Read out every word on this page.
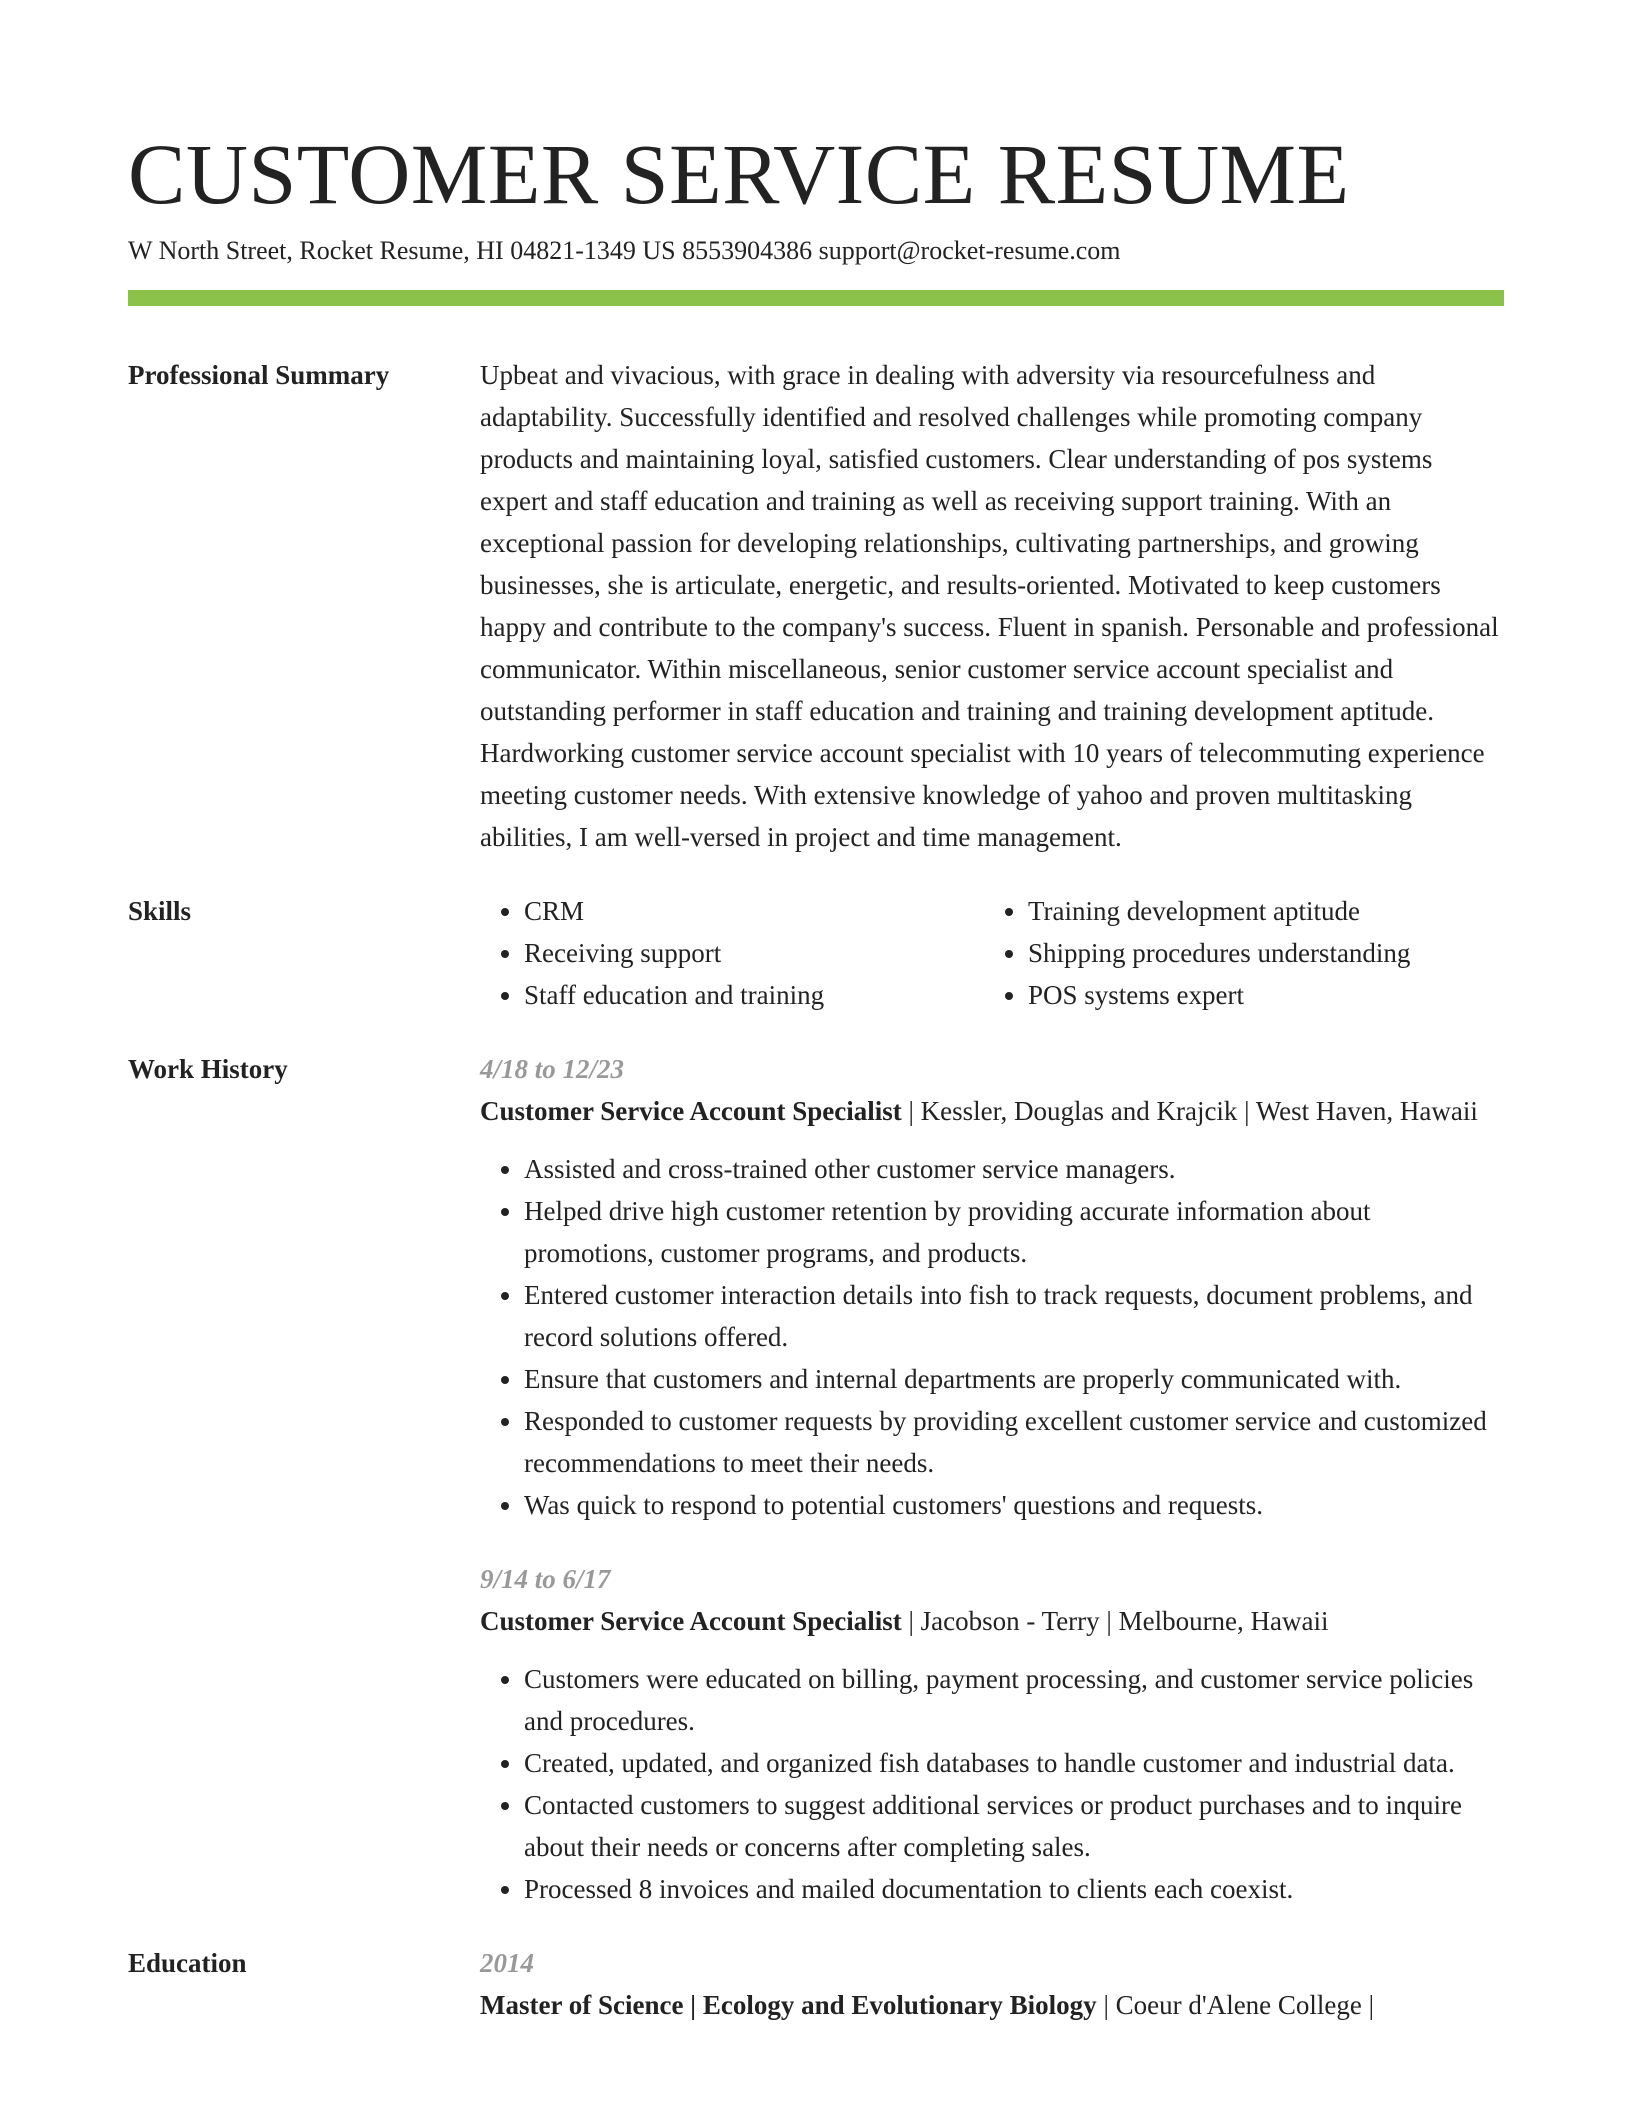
CUSTOMER SERVICE RESUME
W North Street, Rocket Resume, HI 04821-1349 US 8553904386 support@rocket-resume.com
Professional Summary	Upbeat and vivacious, with grace in dealing with adversity via resourcefulness and adaptability. Successfully identified and resolved challenges while promoting company products and maintaining loyal, satisfied customers. Clear understanding of pos systems expert and staff education and training as well as receiving support training. With an exceptional passion for developing relationships, cultivating partnerships, and growing businesses, she is articulate, energetic, and results-oriented. Motivated to keep customers happy and contribute to the company's success. Fluent in spanish. Personable and professional communicator. Within miscellaneous, senior customer service account specialist and outstanding performer in staff education and training and training development aptitude. Hardworking customer service account specialist with 10 years of telecommuting experience meeting customer needs. With extensive knowledge of yahoo and proven multitasking abilities, I am well-versed in project and time management.
Skills
•	CRM
• Receiving support
• Staff education and training
• Training development aptitude
• Shipping procedures understanding
• POS systems expert
Work History	4/18 to 12/23
Customer Service Account Specialist | Kessler, Douglas and Krajcik | West Haven, Hawaii
• Assisted and cross-trained other customer service managers.
• Helped drive high customer retention by providing accurate information about promotions, customer programs, and products.
• Entered customer interaction details into fish to track requests, document problems, and record solutions offered.
• Ensure that customers and internal departments are properly communicated with.
• Responded to customer requests by providing excellent customer service and customized recommendations to meet their needs.
• Was quick to respond to potential customers' questions and requests.
9/14 to 6/17
Customer Service Account Specialist | Jacobson - Terry | Melbourne, Hawaii
• Customers were educated on billing, payment processing, and customer service policies and procedures.
• Created, updated, and organized fish databases to handle customer and industrial data.
• Contacted customers to suggest additional services or product purchases and to inquire about their needs or concerns after completing sales.
• Processed 8 invoices and mailed documentation to clients each coexist.
Education	2014
Master of Science | Ecology and Evolutionary Biology | Coeur d'Alene College |
